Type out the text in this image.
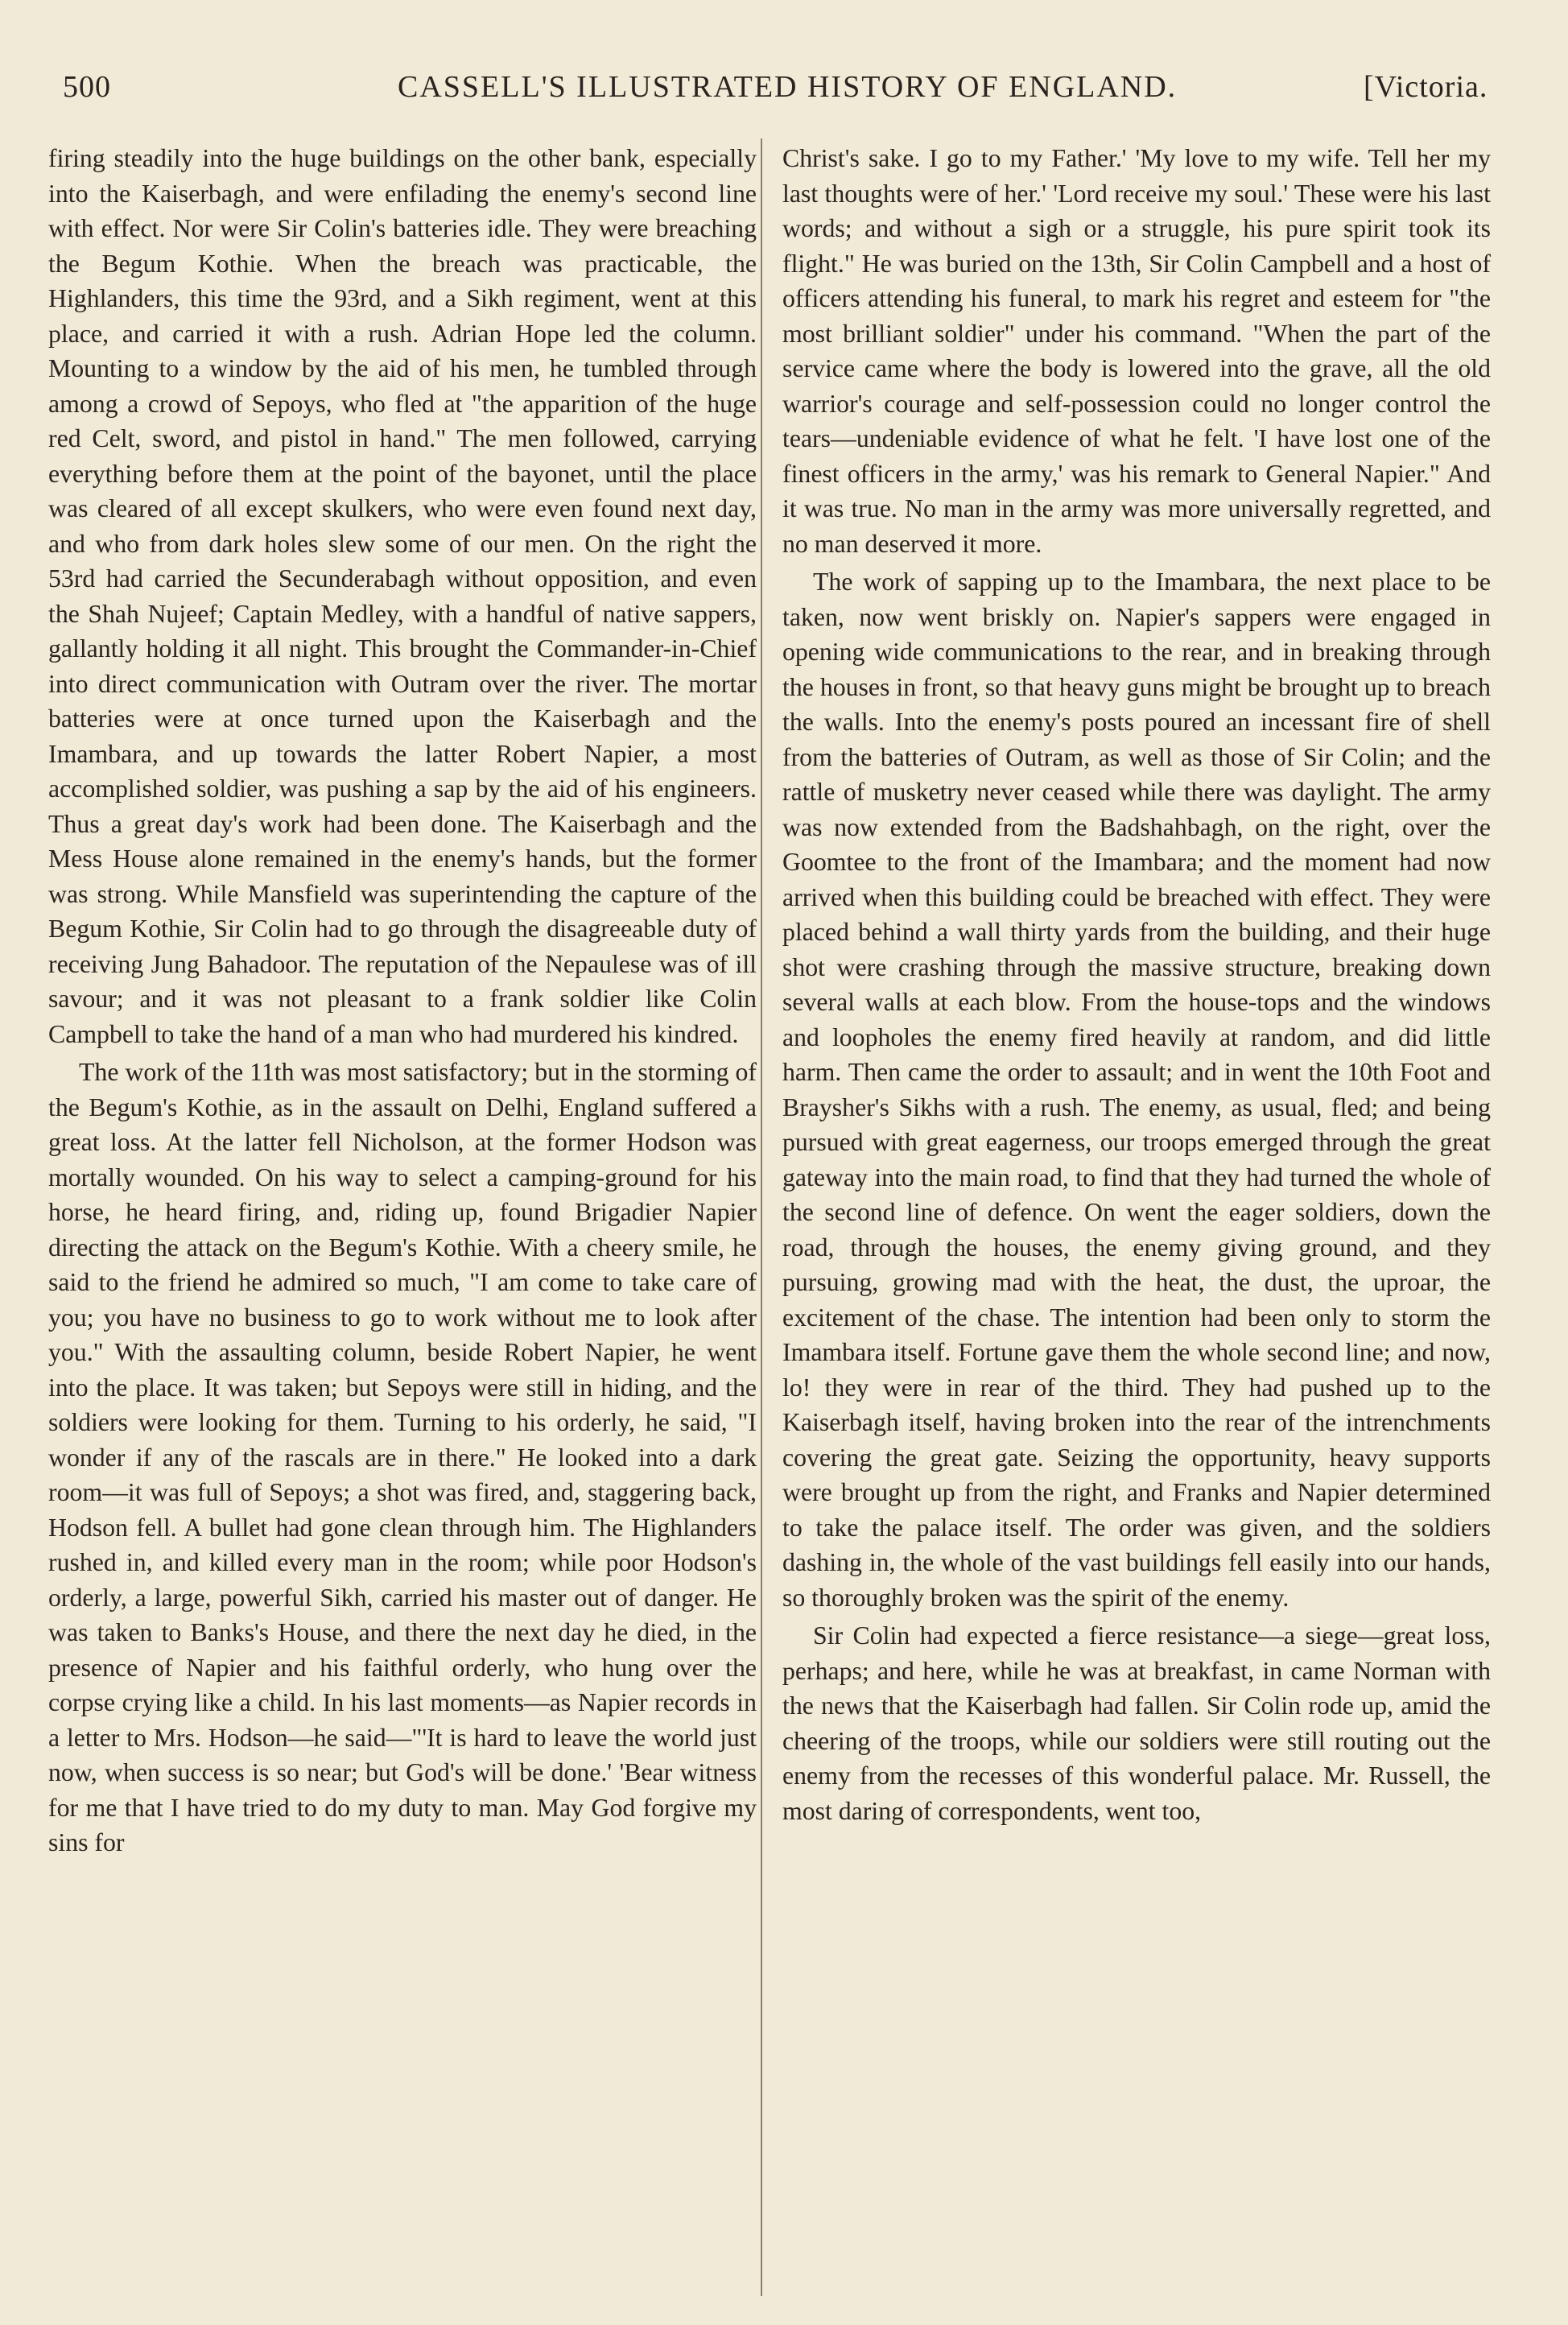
500	CASSELL'S ILLUSTRATED HISTORY OF ENGLAND.	[Victoria.

firing steadily into the huge buildings on the other bank, especially into the Kaiserbagh, and were enfilading the enemy's second line with effect. Nor were Sir Colin's batteries idle. They were breaching the Begum Kothie. When the breach was practicable, the Highlanders, this time the 93rd, and a Sikh regiment, went at this place, and carried it with a rush. Adrian Hope led the column. Mounting to a window by the aid of his men, he tumbled through among a crowd of Sepoys, who fled at "the apparition of the huge red Celt, sword, and pistol in hand." The men followed, carrying everything before them at the point of the bayonet, until the place was cleared of all except skulkers, who were even found next day, and who from dark holes slew some of our men. On the right the 53rd had carried the Secunderabagh without opposition, and even the Shah Nujeef; Captain Medley, with a handful of native sappers, gallantly holding it all night. This brought the Commander-in-Chief into direct communication with Outram over the river. The mortar batteries were at once turned upon the Kaiserbagh and the Imambara, and up towards the latter Robert Napier, a most accomplished soldier, was pushing a sap by the aid of his engineers. Thus a great day's work had been done. The Kaiserbagh and the Mess House alone remained in the enemy's hands, but the former was strong. While Mansfield was superintending the capture of the Begum Kothie, Sir Colin had to go through the disagreeable duty of receiving Jung Bahadoor. The reputation of the Nepaulese was of ill savour; and it was not pleasant to a frank soldier like Colin Campbell to take the hand of a man who had murdered his kindred.

The work of the 11th was most satisfactory; but in the storming of the Begum's Kothie, as in the assault on Delhi, England suffered a great loss. At the latter fell Nicholson, at the former Hodson was mortally wounded. On his way to select a camping-ground for his horse, he heard firing, and, riding up, found Brigadier Napier directing the attack on the Begum's Kothie. With a cheery smile, he said to the friend he admired so much, "I am come to take care of you; you have no business to go to work without me to look after you." With the assaulting column, beside Robert Napier, he went into the place. It was taken; but Sepoys were still in hiding, and the soldiers were looking for them. Turning to his orderly, he said, "I wonder if any of the rascals are in there." He looked into a dark room—it was full of Sepoys; a shot was fired, and, staggering back, Hodson fell. A bullet had gone clean through him. The Highlanders rushed in, and killed every man in the room; while poor Hodson's orderly, a large, powerful Sikh, carried his master out of danger. He was taken to Banks's House, and there the next day he died, in the presence of Napier and his faithful orderly, who hung over the corpse crying like a child. In his last moments—as Napier records in a letter to Mrs. Hodson—he said—"'It is hard to leave the world just now, when success is so near; but God's will be done.' 'Bear witness for me that I have tried to do my duty to man. May God forgive my sins for

Christ's sake. I go to my Father.' 'My love to my wife. Tell her my last thoughts were of her.' 'Lord receive my soul.' These were his last words; and without a sigh or a struggle, his pure spirit took its flight." He was buried on the 13th, Sir Colin Campbell and a host of officers attending his funeral, to mark his regret and esteem for "the most brilliant soldier" under his command. "When the part of the service came where the body is lowered into the grave, all the old warrior's courage and self-possession could no longer control the tears—undeniable evidence of what he felt. 'I have lost one of the finest officers in the army,' was his remark to General Napier." And it was true. No man in the army was more universally regretted, and no man deserved it more.

The work of sapping up to the Imambara, the next place to be taken, now went briskly on. Napier's sappers were engaged in opening wide communications to the rear, and in breaking through the houses in front, so that heavy guns might be brought up to breach the walls. Into the enemy's posts poured an incessant fire of shell from the batteries of Outram, as well as those of Sir Colin; and the rattle of musketry never ceased while there was daylight. The army was now extended from the Badshahbagh, on the right, over the Goomtee to the front of the Imambara; and the moment had now arrived when this building could be breached with effect. They were placed behind a wall thirty yards from the building, and their huge shot were crashing through the massive structure, breaking down several walls at each blow. From the house-tops and the windows and loopholes the enemy fired heavily at random, and did little harm. Then came the order to assault; and in went the 10th Foot and Braysher's Sikhs with a rush. The enemy, as usual, fled; and being pursued with great eagerness, our troops emerged through the great gateway into the main road, to find that they had turned the whole of the second line of defence. On went the eager soldiers, down the road, through the houses, the enemy giving ground, and they pursuing, growing mad with the heat, the dust, the uproar, the excitement of the chase. The intention had been only to storm the Imambara itself. Fortune gave them the whole second line; and now, lo! they were in rear of the third. They had pushed up to the Kaiserbagh itself, having broken into the rear of the intrenchments covering the great gate. Seizing the opportunity, heavy supports were brought up from the right, and Franks and Napier determined to take the palace itself. The order was given, and the soldiers dashing in, the whole of the vast buildings fell easily into our hands, so thoroughly broken was the spirit of the enemy.

Sir Colin had expected a fierce resistance—a siege—great loss, perhaps; and here, while he was at breakfast, in came Norman with the news that the Kaiserbagh had fallen. Sir Colin rode up, amid the cheering of the troops, while our soldiers were still routing out the enemy from the recesses of this wonderful palace. Mr. Russell, the most daring of correspondents, went too,
